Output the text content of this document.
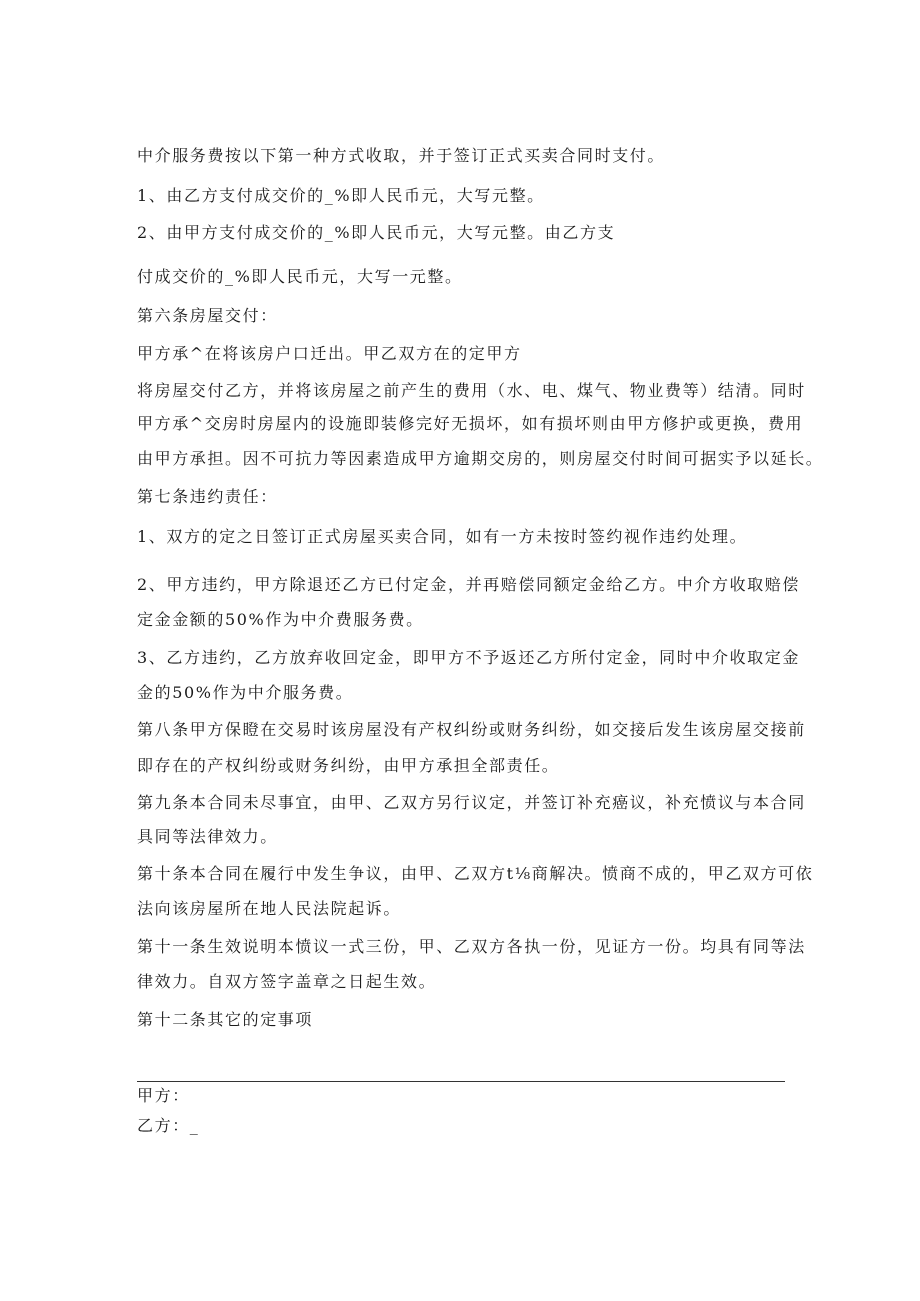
中介服务费按以下第一种方式收取，并于签订正式买卖合同时支付。
1、由乙方支付成交价的_%即人民币元，大写元整。
2、由甲方支付成交价的_%即人民币元，大写元整。由乙方支
付成交价的_%即人民币元，大写一元整。
第六条房屋交付：
甲方承^在将该房户口迁出。甲乙双方在的定甲方
将房屋交付乙方，并将该房屋之前产生的费用（水、电、煤气、物业费等）结清。同时
甲方承^交房时房屋内的设施即装修完好无损坏，如有损坏则由甲方修护或更换，费用
由甲方承担。因不可抗力等因素造成甲方逾期交房的，则房屋交付时间可据实予以延长。
第七条违约责任：
1、双方的定之日签订正式房屋买卖合同，如有一方未按时签约视作违约处理。
2、甲方违约，甲方除退还乙方已付定金，并再赔偿同额定金给乙方。中介方收取赔偿
定金金额的50%作为中介费服务费。
3、乙方违约，乙方放弃收回定金，即甲方不予返还乙方所付定金，同时中介收取定金
金的50%作为中介服务费。
第八条甲方保瞪在交易时该房屋没有产权纠纷或财务纠纷，如交接后发生该房屋交接前
即存在的产权纠纷或财务纠纷，由甲方承担全部责任。
第九条本合同未尽事宜，由甲、乙双方另行议定，并签订补充癌议，补充愤议与本合同
具同等法律效力。
第十条本合同在履行中发生争议，由甲、乙双方t⅛商解决。愤商不成的，甲乙双方可依
法向该房屋所在地人民法院起诉。
第十一条生效说明本愤议一式三份，甲、乙双方各执一份，见证方一份。均具有同等法
律效力。自双方签字盖章之日起生效。
第十二条其它的定事项
甲方：
乙方：_
